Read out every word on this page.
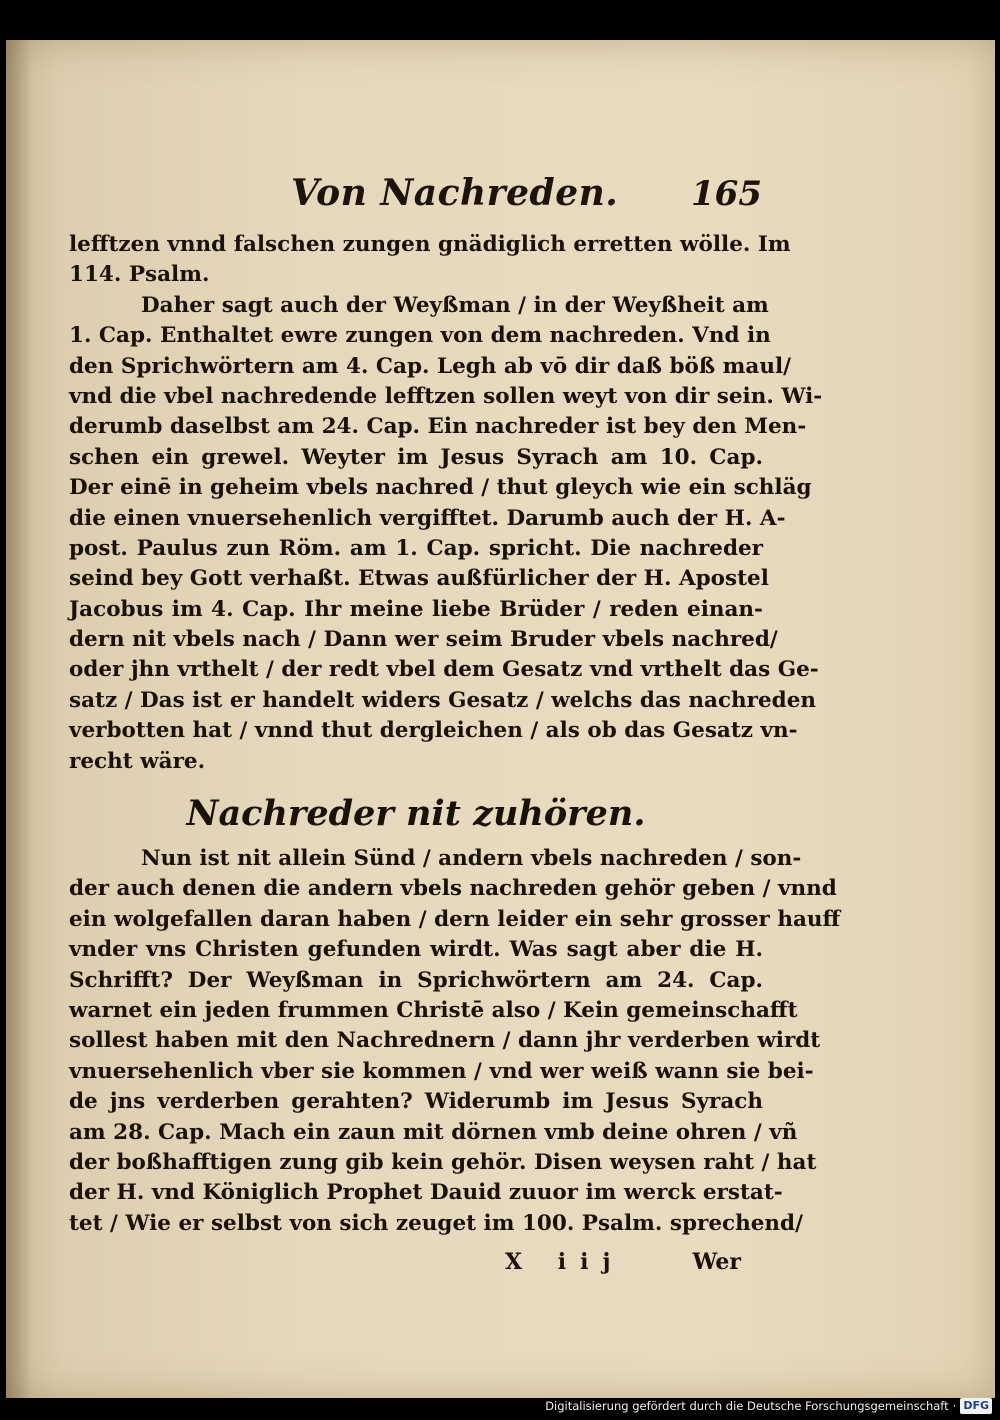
Von Nachreden. 165
lefftzen vnnd falschen zungen gnädiglich erretten wölle. Im
114. Psalm.
Daher sagt auch der Weyßman / in der Weyßheit am
1. Cap. Enthaltet ewre zungen von dem nachreden. Vnd in
den Sprichwörtern am 4. Cap. Legh ab vō dir daß böß maul/
vnd die vbel nachredende lefftzen sollen weyt von dir sein. Wi-
derumb daselbst am 24. Cap. Ein nachreder ist bey den Men-
schen ein grewel. Weyter im Jesus Syrach am 10. Cap.
Der einē in geheim vbels nachred / thut gleych wie ein schläg
die einen vnuersehenlich vergifftet. Darumb auch der H. A-
post. Paulus zun Röm. am 1. Cap. spricht. Die nachreder
seind bey Gott verhaßt. Etwas außfürlicher der H. Apostel
Jacobus im 4. Cap. Ihr meine liebe Brüder / reden einan-
dern nit vbels nach / Dann wer seim Bruder vbels nachred/
oder jhn vrthelt / der redt vbel dem Gesatz vnd vrthelt das Ge-
satz / Das ist er handelt widers Gesatz / welchs das nachreden
verbotten hat / vnnd thut dergleichen / als ob das Gesatz vn-
recht wäre.
Nachreder nit zuhören.
Nun ist nit allein Sünd / andern vbels nachreden / son-
der auch denen die andern vbels nachreden gehör geben / vnnd
ein wolgefallen daran haben / dern leider ein sehr grosser hauff
vnder vns Christen gefunden wirdt. Was sagt aber die H.
Schrifft? Der Weyßman in Sprichwörtern am 24. Cap.
warnet ein jeden frummen Christē also / Kein gemeinschafft
sollest haben mit den Nachrednern / dann jhr verderben wirdt
vnuersehenlich vber sie kommen / vnd wer weiß wann sie bei-
de jns verderben gerahten? Widerumb im Jesus Syrach
am 28. Cap. Mach ein zaun mit dörnen vmb deine ohren / vñ
der boßhafftigen zung gib kein gehör. Disen weysen raht / hat
der H. vnd Königlich Prophet Dauid zuuor im werck erstat-
tet / Wie er selbst von sich zeuget im 100. Psalm. sprechend/
X iij	Wer
Digitalisierung gefördert durch die Deutsche Forschungsgemeinschaft · DFG
